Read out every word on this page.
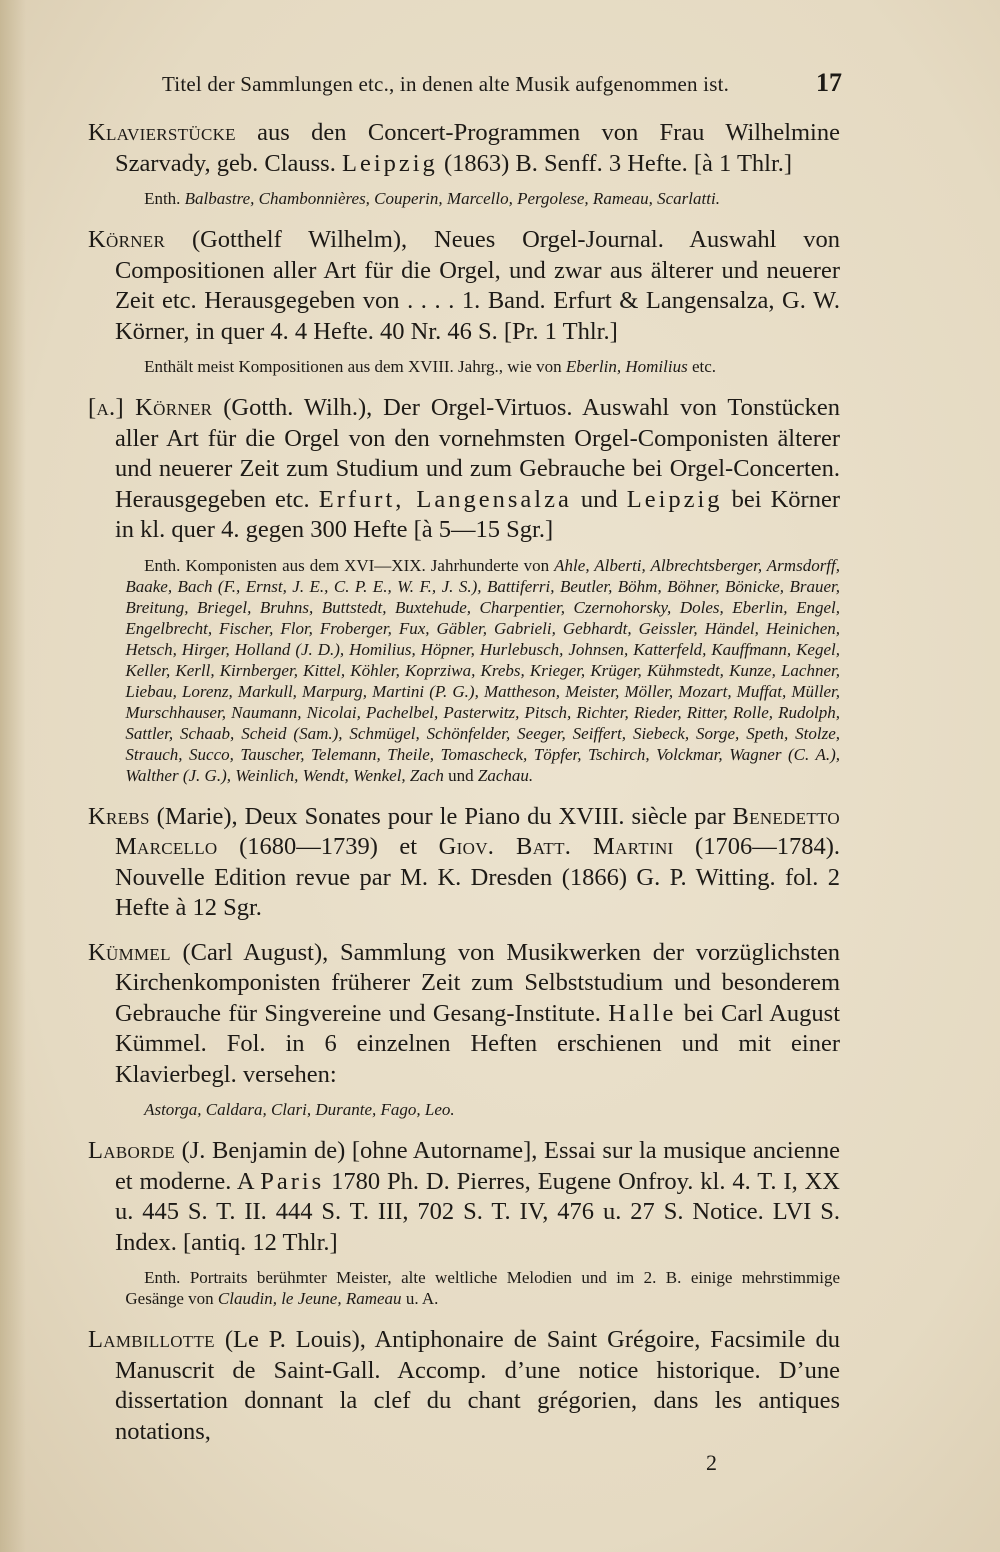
Titel der Sammlungen etc., in denen alte Musik aufgenommen ist.	17

Klavierstücke aus den Concert-Programmen von Frau Wilhelmine Szarvady, geb. Clauss. Leipzig (1863) B. Senff. 3 Hefte. [à 1 Thlr.]

Enth. Balbastre, Chambonnières, Couperin, Marcello, Pergolese, Rameau, Scarlatti.

Körner (Gotthelf Wilhelm), Neues Orgel-Journal. Auswahl von Compositionen aller Art für die Orgel, und zwar aus älterer und neuerer Zeit etc. Herausgegeben von . . . . 1. Band. Erfurt & Langensalza, G. W. Körner, in quer 4. 4 Hefte. 40 Nr. 46 S. [Pr. 1 Thlr.]

Enthält meist Kompositionen aus dem XVIII. Jahrg., wie von Eberlin, Homilius etc.

[a.] Körner (Gotth. Wilh.), Der Orgel-Virtuos. Auswahl von Tonstücken aller Art für die Orgel von den vornehmsten Orgel-Componisten älterer und neuerer Zeit zum Studium und zum Gebrauche bei Orgel-Concerten. Herausgegeben etc. Erfurt, Langensalza und Leipzig bei Körner in kl. quer 4. gegen 300 Hefte [à 5—15 Sgr.]

Enth. Komponisten aus dem XVI—XIX. Jahrhunderte von Ahle, Alberti, Albrechtsberger, Armsdorff, Baake, Bach (F., Ernst, J. E., C. P. E., W. F., J. S.), Battiferri, Beutler, Böhm, Böhner, Bönicke, Brauer, Breitung, Briegel, Bruhns, Buttstedt, Buxtehude, Charpentier, Czernohorsky, Doles, Eberlin, Engel, Engelbrecht, Fischer, Flor, Froberger, Fux, Gäbler, Gabrieli, Gebhardt, Geissler, Händel, Heinichen, Hetsch, Hirger, Holland (J. D.), Homilius, Höpner, Hurlebusch, Johnsen, Katterfeld, Kauffmann, Kegel, Keller, Kerll, Kirnberger, Kittel, Köhler, Koprziwa, Krebs, Krieger, Krüger, Kühmstedt, Kunze, Lachner, Liebau, Lorenz, Markull, Marpurg, Martini (P. G.), Mattheson, Meister, Möller, Mozart, Muffat, Müller, Murschhauser, Naumann, Nicolai, Pachelbel, Pasterwitz, Pitsch, Richter, Rieder, Ritter, Rolle, Rudolph, Sattler, Schaab, Scheid (Sam.), Schmügel, Schönfelder, Seeger, Seiffert, Siebeck, Sorge, Speth, Stolze, Strauch, Succo, Tauscher, Telemann, Theile, Tomascheck, Töpfer, Tschirch, Volckmar, Wagner (C. A.), Walther (J. G.), Weinlich, Wendt, Wenkel, Zach und Zachau.

Krebs (Marie), Deux Sonates pour le Piano du XVIII. siècle par Benedetto Marcello (1680—1739) et Giov. Batt. Martini (1706—1784). Nouvelle Edition revue par M. K. Dresden (1866) G. P. Witting. fol. 2 Hefte à 12 Sgr.

Kümmel (Carl August), Sammlung von Musikwerken der vorzüglichsten Kirchenkomponisten früherer Zeit zum Selbststudium und besonderem Gebrauche für Singvereine und Gesang-Institute. Halle bei Carl August Kümmel. Fol. in 6 einzelnen Heften erschienen und mit einer Klavierbegl. versehen:

Astorga, Caldara, Clari, Durante, Fago, Leo.

Laborde (J. Benjamin de) [ohne Autorname], Essai sur la musique ancienne et moderne. A Paris 1780 Ph. D. Pierres, Eugene Onfroy. kl. 4. T. I, XX u. 445 S. T. II. 444 S. T. III, 702 S. T. IV, 476 u. 27 S. Notice. LVI S. Index. [antiq. 12 Thlr.]

Enth. Portraits berühmter Meister, alte weltliche Melodien und im 2. B. einige mehrstimmige Gesänge von Claudin, le Jeune, Rameau u. A.

Lambillotte (Le P. Louis), Antiphonaire de Saint Grégoire, Facsimile du Manuscrit de Saint-Gall. Accomp. d’une notice historique. D’une dissertation donnant la clef du chant grégorien, dans les antiques notations,

2
